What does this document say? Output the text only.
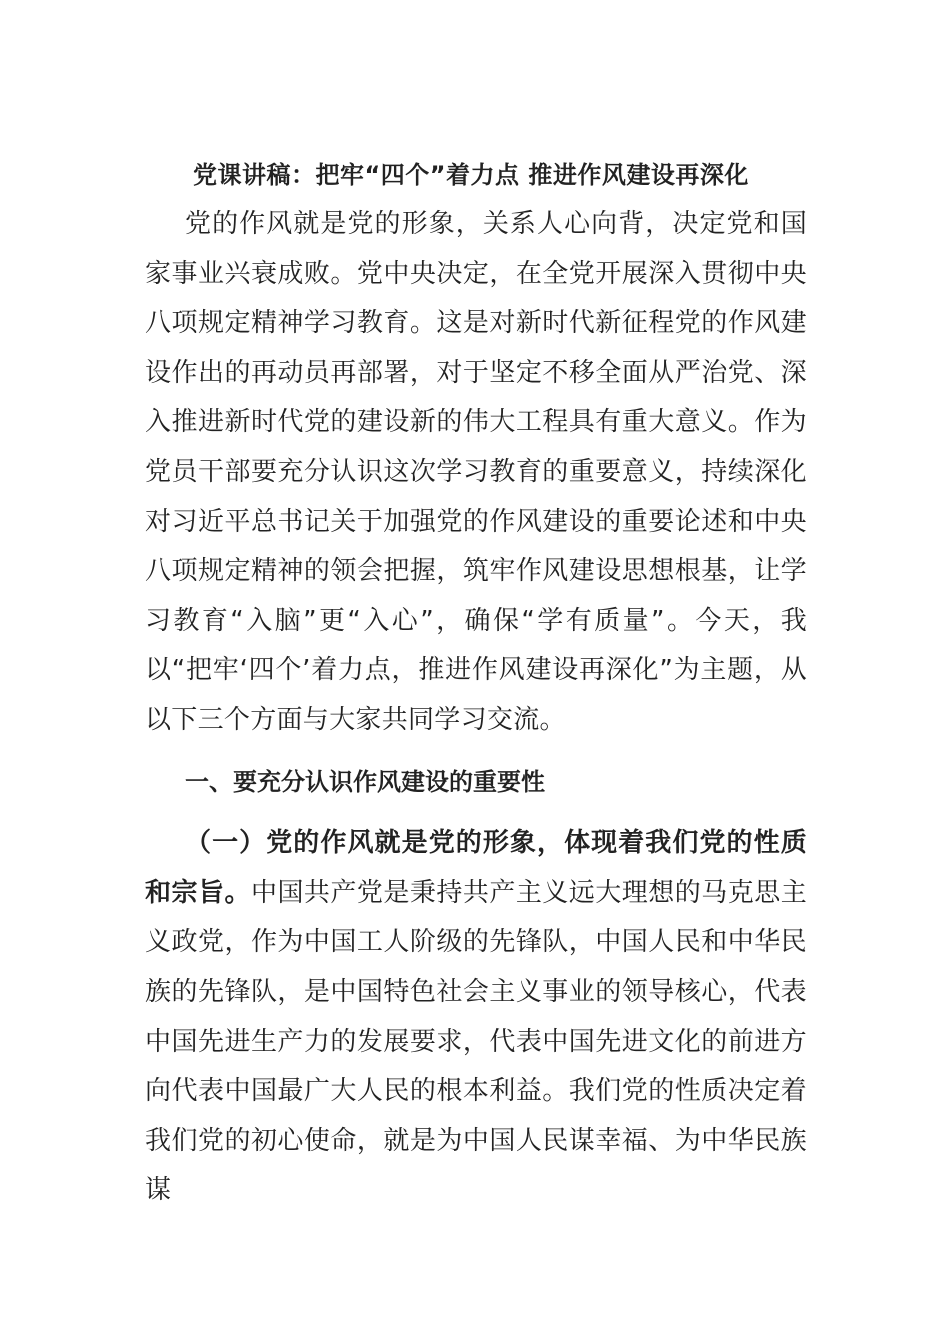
党课讲稿：把牢“四个”着力点 推进作风建设再深化

党的作风就是党的形象，关系人心向背，决定党和国家事业兴衰成败。党中央决定，在全党开展深入贯彻中央八项规定精神学习教育。这是对新时代新征程党的作风建设作出的再动员再部署，对于坚定不移全面从严治党、深入推进新时代党的建设新的伟大工程具有重大意义。作为党员干部要充分认识这次学习教育的重要意义，持续深化对习近平总书记关于加强党的作风建设的重要论述和中央八项规定精神的领会把握，筑牢作风建设思想根基，让学习教育“入脑”更“入心”，确保“学有质量”。今天，我以“把牢‘四个’着力点，推进作风建设再深化”为主题，从以下三个方面与大家共同学习交流。

一、要充分认识作风建设的重要性

（一）党的作风就是党的形象，体现着我们党的性质和宗旨。中国共产党是秉持共产主义远大理想的马克思主义政党，作为中国工人阶级的先锋队，中国人民和中华民族的先锋队，是中国特色社会主义事业的领导核心，代表中国先进生产力的发展要求，代表中国先进文化的前进方向代表中国最广大人民的根本利益。我们党的性质决定着我们党的初心使命，就是为中国人民谋幸福、为中华民族谋
